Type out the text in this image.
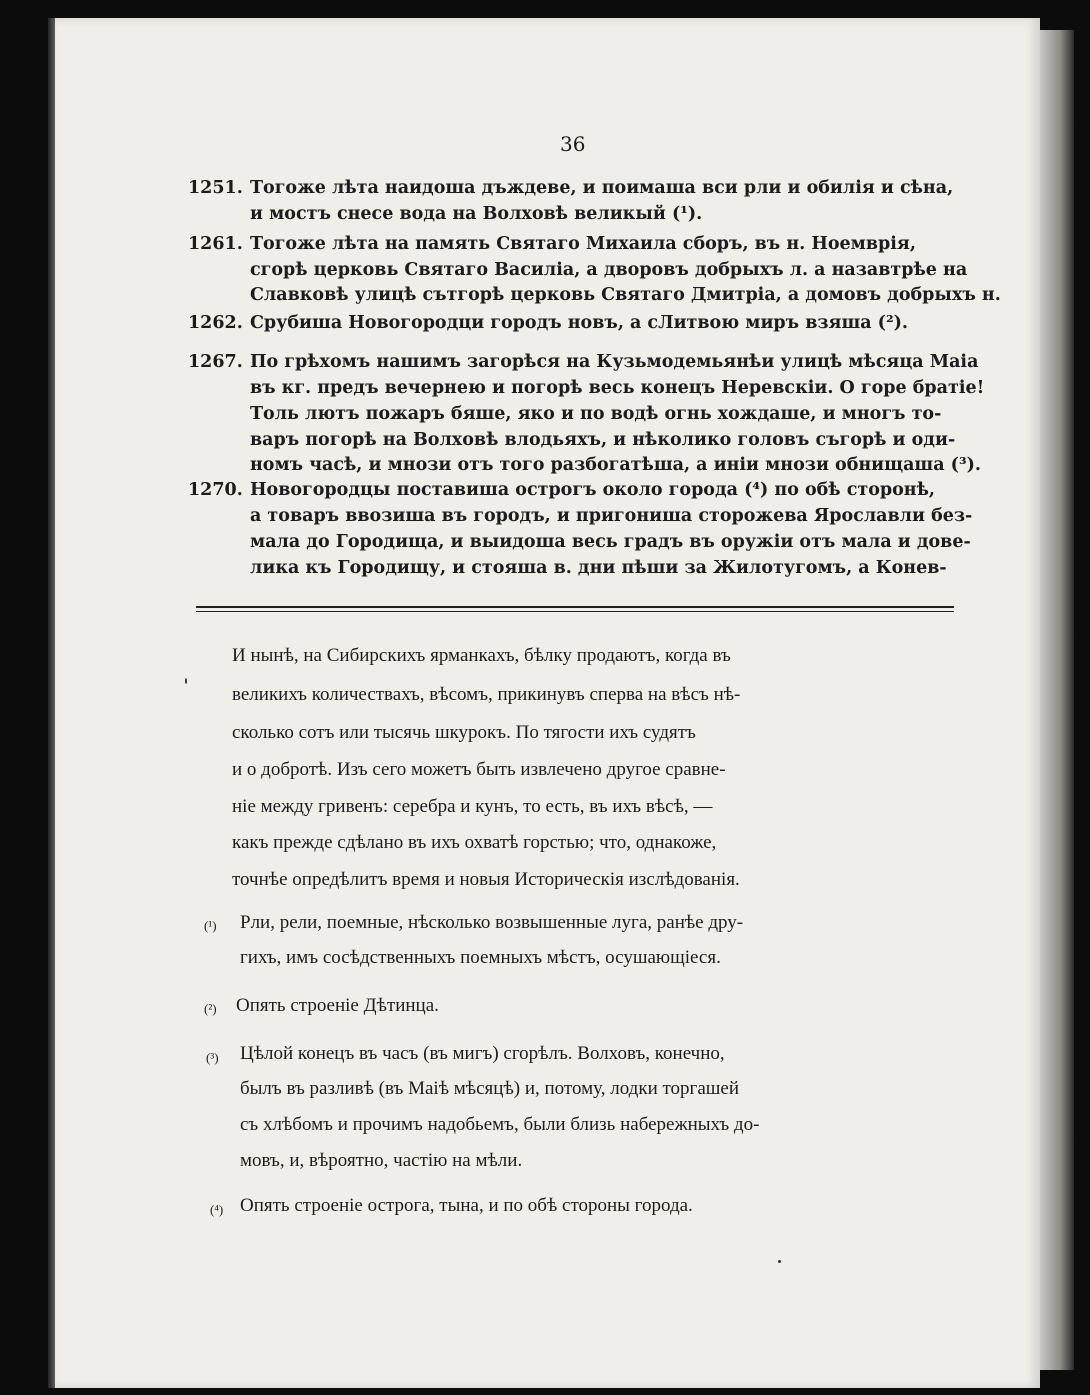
36
1251. Тогоже лѣта наидоша дъждеве, и поимаша вси рли и обилія и сѣна,
и мостъ снесе вода на Волховѣ великый (¹).
1261. Тогоже лѣта на память Святаго Михаила сборъ, въ н. Ноемврія,
сгорѣ церковь Святаго Василіа, а дворовъ добрыхъ л. а назавтрѣе на
Славковѣ улицѣ сътгорѣ церковь Святаго Дмитріа, а домовъ добрыхъ н.
1262. Срубиша Новогородци городъ новъ, а сЛитвою миръ взяша (²).
1267. По грѣхомъ нашимъ загорѣся на Кузьмодемьянѣи улицѣ мѣсяца Маіа
въ кг. предъ вечернею и погорѣ весь конецъ Неревскiи. О горе братiе!
Толь лютъ пожаръ бяше, яко и по водѣ огнь хождаше, и многъ то-
варъ погорѣ на Волховѣ влодьяхъ, и нѣколико головъ съгорѣ и оди-
номъ часѣ, и мнози отъ того разбогатѣша, а инiи мнози обнищаша (³).
1270. Новогородцы поставиша острогъ около города (⁴) по обѣ сторонѣ,
а товаръ ввозиша въ городъ, и пригониша сторожева Ярославли без-
мала до Городища, и выидоша весь градъ въ оружiи отъ мала и дове-
лика къ Городищу, и стояша в. дни пѣши за Жилотугомъ, а Конев-
И нынѣ, на Сибирскихъ ярманкахъ, бѣлку продаютъ, когда въ
великихъ количествахъ, вѣсомъ, прикинувъ сперва на вѣсъ нѣ-
сколько сотъ или тысячь шкурокъ. По тягости ихъ судятъ
и о добротѣ. Изъ сего можетъ быть извлечено другое сравне-
нiе между гривенъ: серебра и кунъ, то есть, въ ихъ вѣсѣ, —
какъ прежде сдѣлано въ ихъ охватѣ горстью; что, однакоже,
точнѣе опредѣлитъ время и новыя Историческiя изслѣдованiя.
(¹) Рли, рели, поемные, нѣсколько возвышенные луга, ранѣе дру-
гихъ, имъ сосѣдственныхъ поемныхъ мѣстъ, осушающiеся.
(²) Опять строенiе Дѣтинца.
(³) Цѣлой конецъ въ часъ (въ мигъ) сгорѣлъ. Волховъ, конечно,
былъ въ разливѣ (въ Маiѣ мѣсяцѣ) и, потому, лодки торгашей
съ хлѣбомъ и прочимъ надобьемъ, были близь набережныхъ до-
мовъ, и, вѣроятно, частiю на мѣли.
(⁴) Опять строенiе острога, тына, и по обѣ стороны города.
